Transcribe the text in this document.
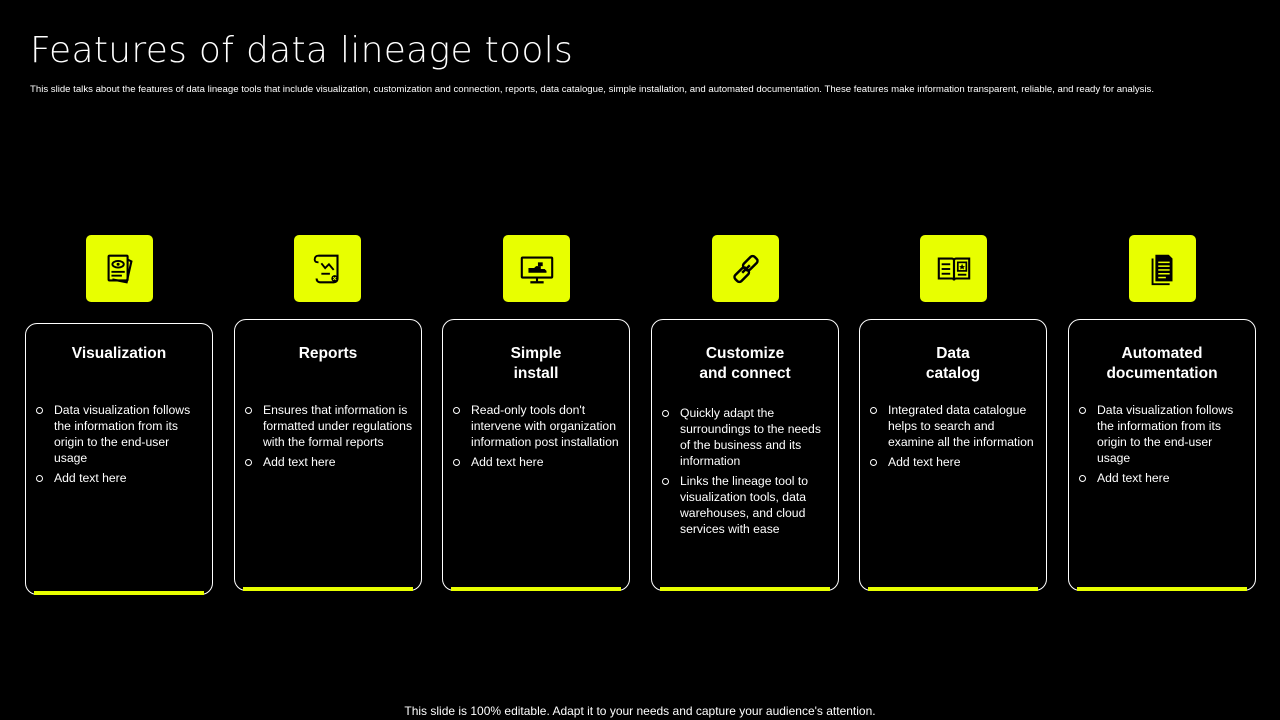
Features of data lineage tools

This slide talks about the features of data lineage tools that include visualization, customization and connection, reports, data catalogue, simple installation, and automated documentation. These features make information transparent, reliable, and ready for analysis.

Visualization
Data visualization follows the information from its origin to the end-user usage
Add text here
Reports
Ensures that information is formatted under regulations with the formal reports
Add text here
Simple
install
Read-only tools don't intervene with organization information post installation
Add text here
Customize
and connect
Quickly adapt the surroundings to the needs of the business and its information
Links the lineage tool to visualization tools, data warehouses, and cloud services with ease
Data
catalog
Integrated data catalogue helps to search and examine all the information
Add text here
Automated
documentation
Data visualization follows the information from its origin to the end-user usage
Add text here
This slide is 100% editable. Adapt it to your needs and capture your audience's attention.
